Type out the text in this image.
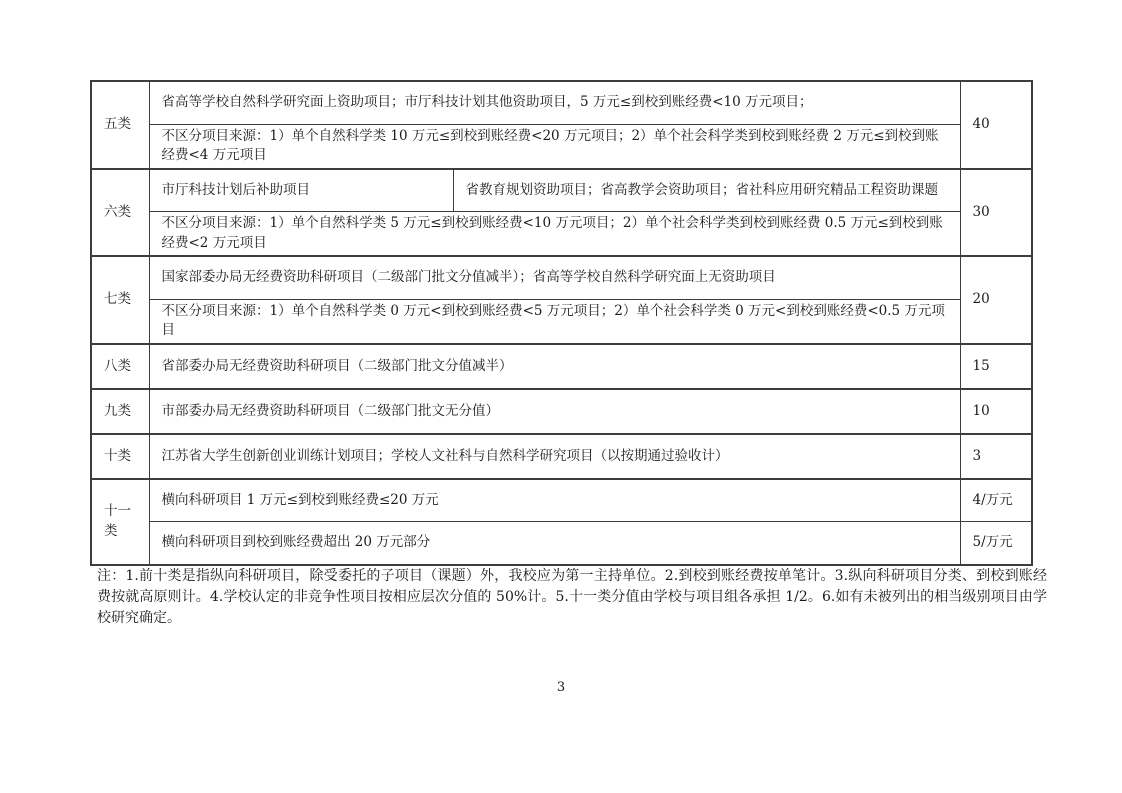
五类	省高等学校自然科学研究面上资助项目；市厅科技计划其他资助项目，5 万元≤到校到账经费<10 万元项目；		40
	不区分项目来源：1）单个自然科学类 10 万元≤到校到账经费<20 万元项目；2）单个社会科学类到校到账经费 2 万元≤到校到账经费<4 万元项目		
六类	市厅科技计划后补助项目	省教育规划资助项目；省高教学会资助项目；省社科应用研究精品工程资助课题	30
	不区分项目来源：1）单个自然科学类 5 万元≤到校到账经费<10 万元项目；2）单个社会科学类到校到账经费 0.5 万元≤到校到账经费<2 万元项目		
七类	国家部委办局无经费资助科研项目（二级部门批文分值减半）；省高等学校自然科学研究面上无资助项目		20
	不区分项目来源：1）单个自然科学类 0 万元<到校到账经费<5 万元项目；2）单个社会科学类 0 万元<到校到账经费<0.5 万元项目		
八类	省部委办局无经费资助科研项目（二级部门批文分值减半）		15
九类	市部委办局无经费资助科研项目（二级部门批文无分值）		10
十类	江苏省大学生创新创业训练计划项目；学校人文社科与自然科学研究项目（以按期通过验收计）		3
十一类	横向科研项目 1 万元≤到校到账经费≤20 万元		4/万元
	横向科研项目到校到账经费超出 20 万元部分		5/万元
注：1.前十类是指纵向科研项目，除受委托的子项目（课题）外，我校应为第一主持单位。2.到校到账经费按单笔计。3.纵向科研项目分类、到校到账经费按就高原则计。4.学校认定的非竞争性项目按相应层次分值的 50%计。5.十一类分值由学校与项目组各承担 1/2。6.如有未被列出的相当级别项目由学校研究确定。
3
